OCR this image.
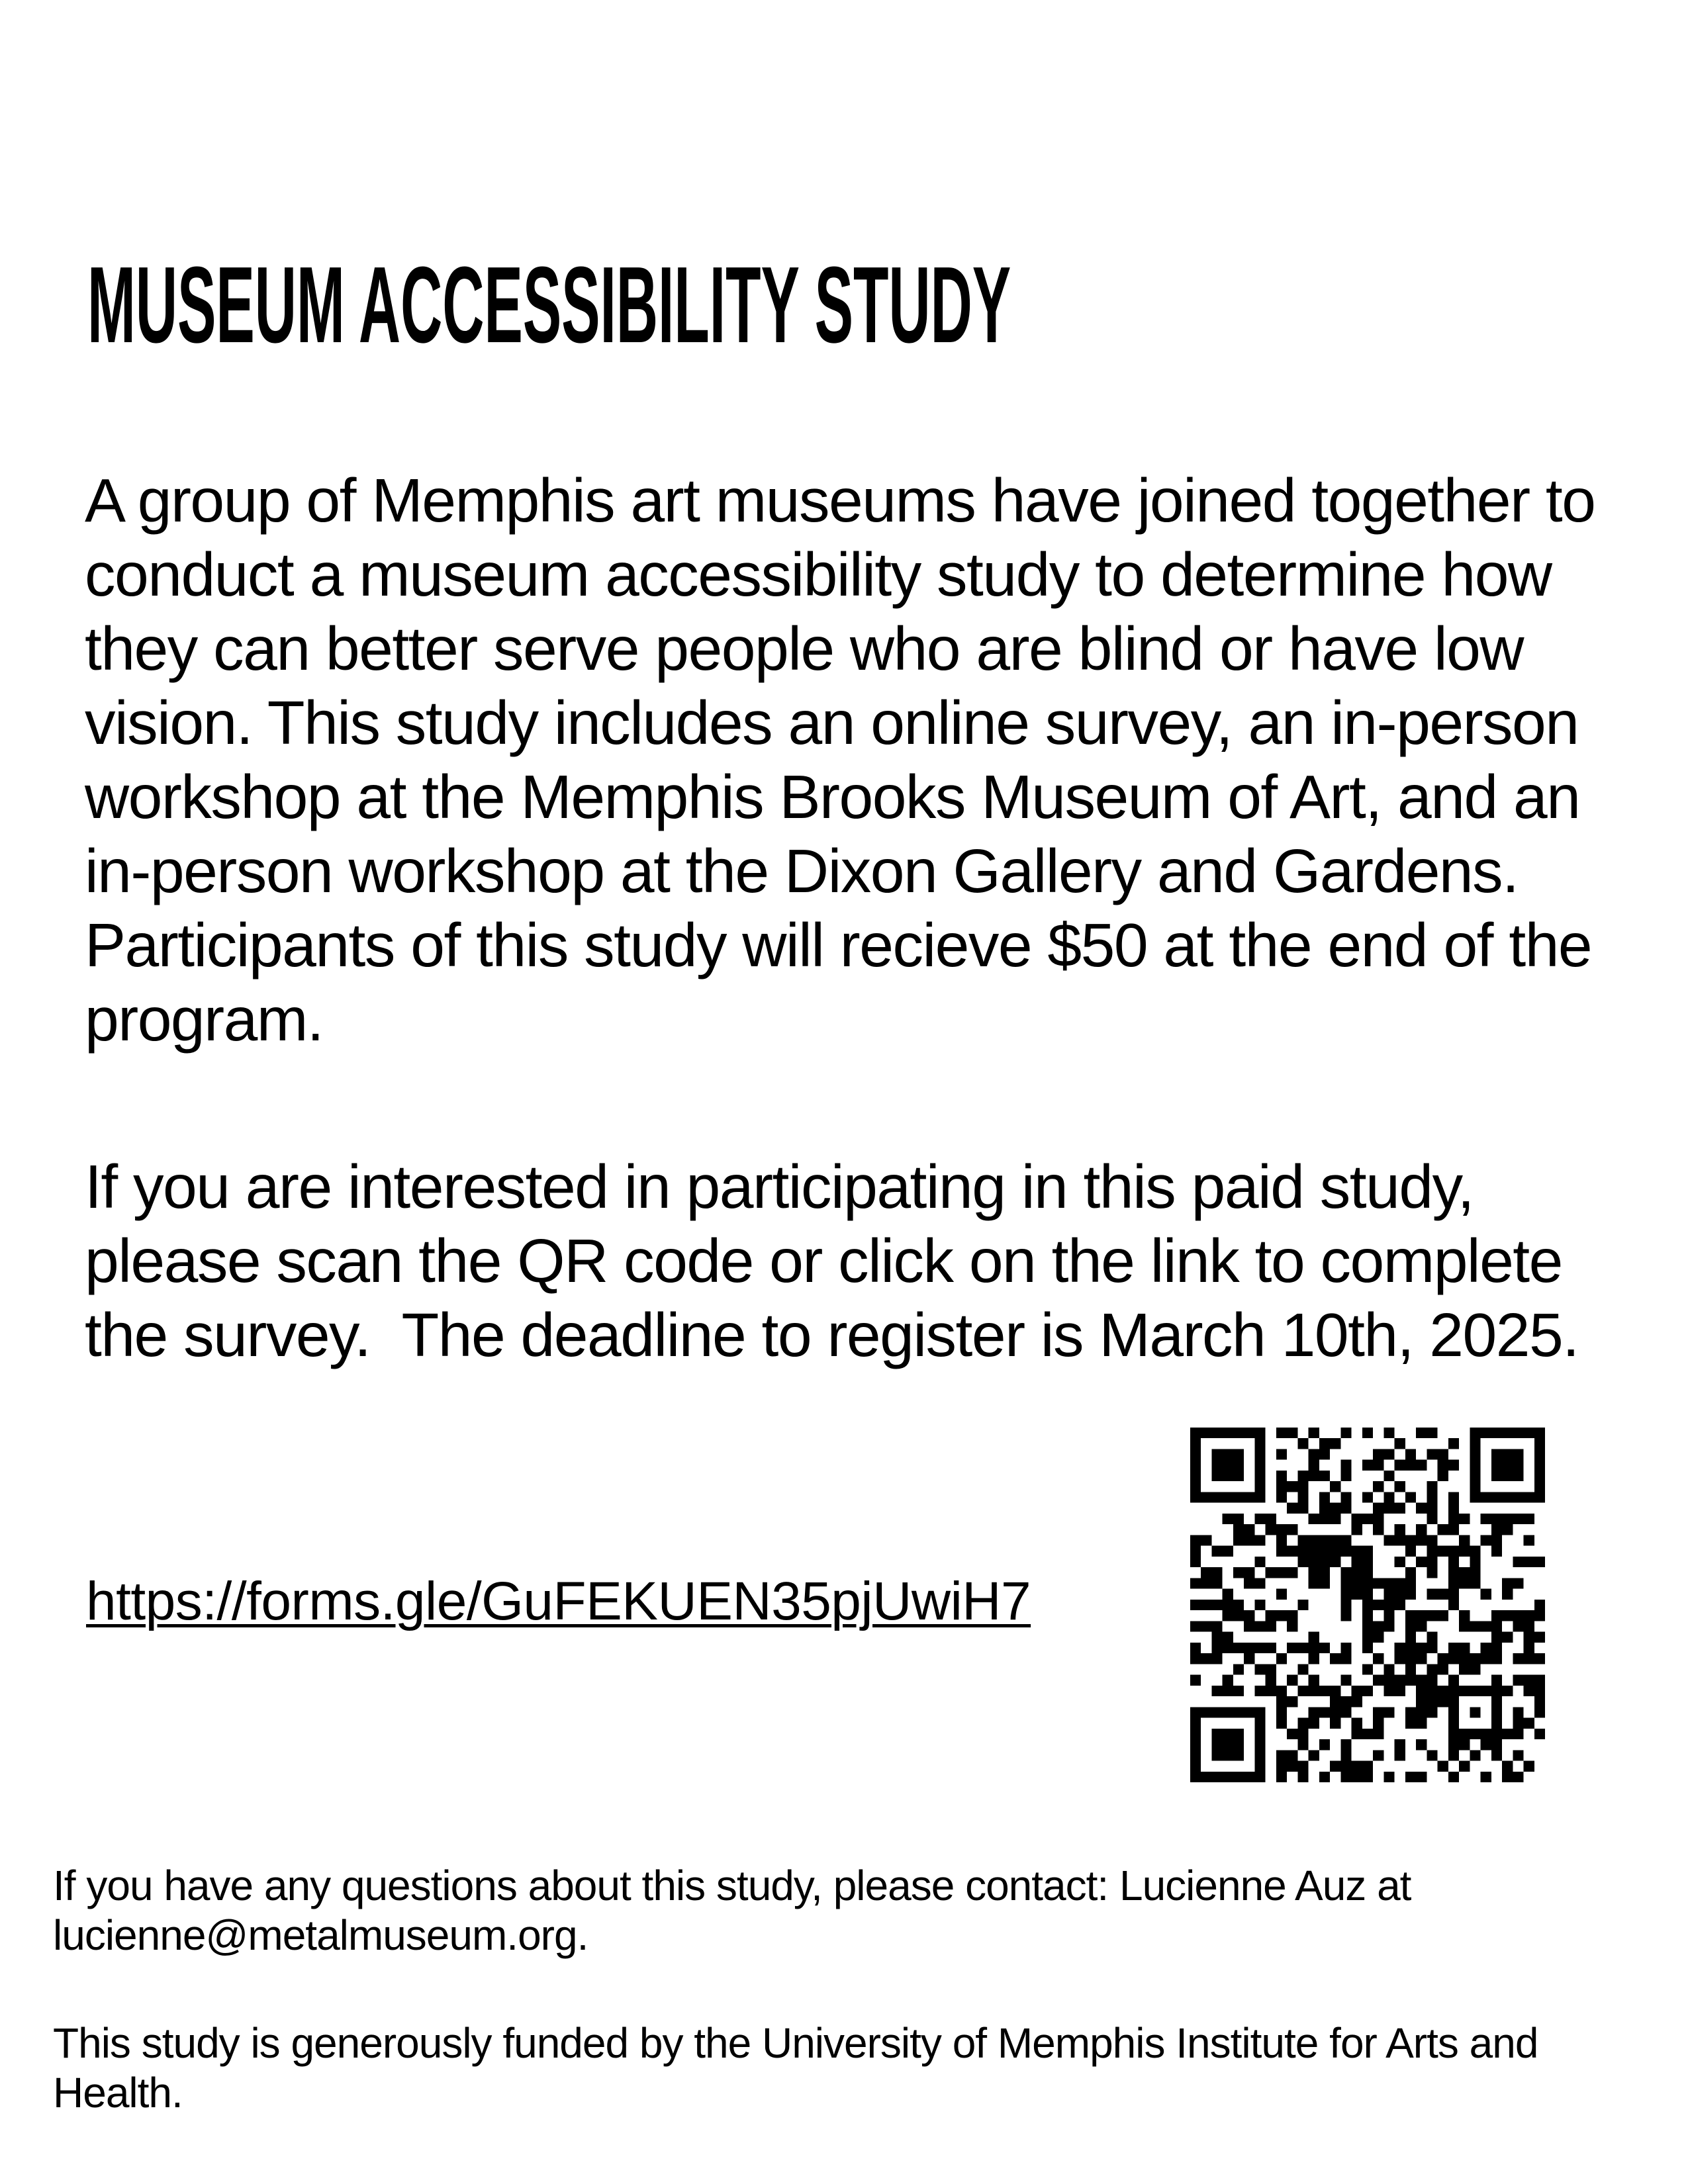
MUSEUM ACCESSIBILITY STUDY
A group of Memphis art museums have joined together to
conduct a museum accessibility study to determine how
they can better serve people who are blind or have low
vision. This study includes an online survey, an in-person
workshop at the Memphis Brooks Museum of Art, and an
in-person workshop at the Dixon Gallery and Gardens.
Participants of this study will recieve $50 at the end of the
program.
If you are interested in participating in this paid study,
please scan the QR code or click on the link to complete
the survey.  The deadline to register is March 10th, 2025.
https://forms.gle/GuFEKUEN35pjUwiH7
If you have any questions about this study, please contact: Lucienne Auz at
lucienne@metalmuseum.org.
This study is generously funded by the University of Memphis Institute for Arts and
Health.
